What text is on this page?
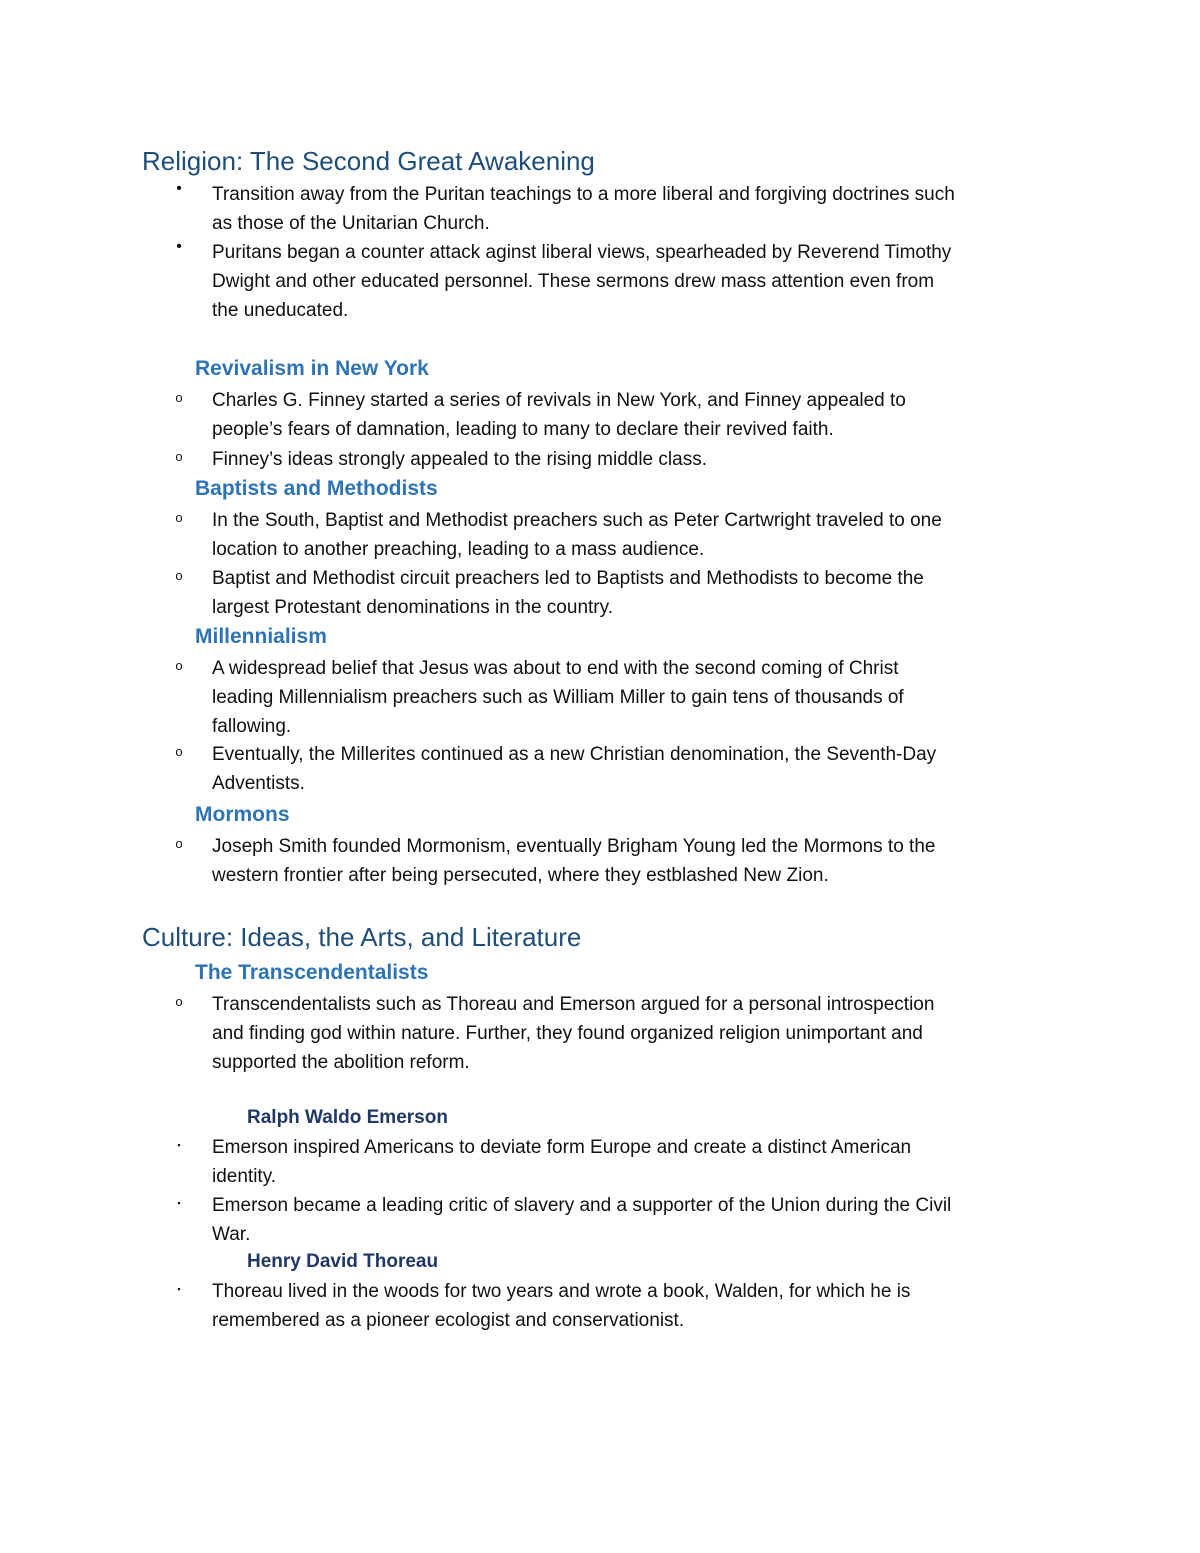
Religion: The Second Great Awakening
• Transition away from the Puritan teachings to a more liberal and forgiving doctrines such
as those of the Unitarian Church.
• Puritans began a counter attack aginst liberal views, spearheaded by Reverend Timothy
Dwight and other educated personnel. These sermons drew mass attention even from
the uneducated.
Revivalism in New York
o Charles G. Finney started a series of revivals in New York, and Finney appealed to
people’s fears of damnation, leading to many to declare their revived faith.
o Finney’s ideas strongly appealed to the rising middle class.
Baptists and Methodists
o In the South, Baptist and Methodist preachers such as Peter Cartwright traveled to one
location to another preaching, leading to a mass audience.
o Baptist and Methodist circuit preachers led to Baptists and Methodists to become the
largest Protestant denominations in the country.
Millennialism
o A widespread belief that Jesus was about to end with the second coming of Christ
leading Millennialism preachers such as William Miller to gain tens of thousands of
fallowing.
o Eventually, the Millerites continued as a new Christian denomination, the Seventh-Day
Adventists.
Mormons
o Joseph Smith founded Mormonism, eventually Brigham Young led the Mormons to the
western frontier after being persecuted, where they estblashed New Zion.
Culture: Ideas, the Arts, and Literature
The Transcendentalists
o Transcendentalists such as Thoreau and Emerson argued for a personal introspection
and finding god within nature. Further, they found organized religion unimportant and
supported the abolition reform.
Ralph Waldo Emerson
▪ Emerson inspired Americans to deviate form Europe and create a distinct American
identity.
▪ Emerson became a leading critic of slavery and a supporter of the Union during the Civil
War.
Henry David Thoreau
▪ Thoreau lived in the woods for two years and wrote a book, Walden, for which he is
remembered as a pioneer ecologist and conservationist.
